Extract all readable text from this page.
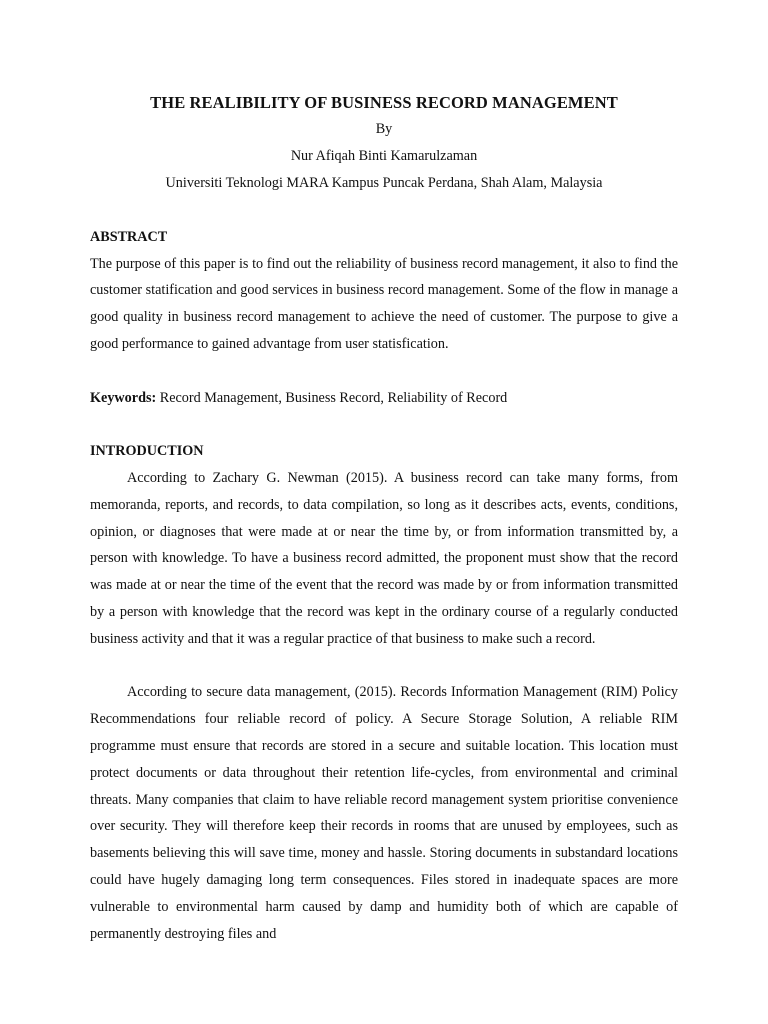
THE REALIBILITY OF BUSINESS RECORD MANAGEMENT

By

Nur Afiqah Binti Kamarulzaman

Universiti Teknologi MARA Kampus Puncak Perdana, Shah Alam, Malaysia

ABSTRACT

The purpose of this paper is to find out the reliability of business record management, it also to find the customer statification and good services in business record management. Some of the flow in manage a good quality in business record management to achieve the need of customer. The purpose to give a good performance to gained advantage from user statisfication.

Keywords: Record Management, Business Record, Reliability of Record

INTRODUCTION

According to Zachary G. Newman (2015). A business record can take many forms, from memoranda, reports, and records, to data compilation, so long as it describes acts, events, conditions, opinion, or diagnoses that were made at or near the time by, or from information transmitted by, a person with knowledge. To have a business record admitted, the proponent must show that the record was made at or near the time of the event that the record was made by or from information transmitted by a person with knowledge that the record was kept in the ordinary course of a regularly conducted business activity and that it was a regular practice of that business to make such a record.

According to secure data management, (2015). Records Information Management (RIM) Policy Recommendations four reliable record of policy. A Secure Storage Solution, A reliable RIM programme must ensure that records are stored in a secure and suitable location. This location must protect documents or data throughout their retention life-cycles, from environmental and criminal threats. Many companies that claim to have reliable record management system prioritise convenience over security. They will therefore keep their records in rooms that are unused by employees, such as basements believing this will save time, money and hassle. Storing documents in substandard locations could have hugely damaging long term consequences. Files stored in inadequate spaces are more vulnerable to environmental harm caused by damp and humidity both of which are capable of permanently destroying files and
